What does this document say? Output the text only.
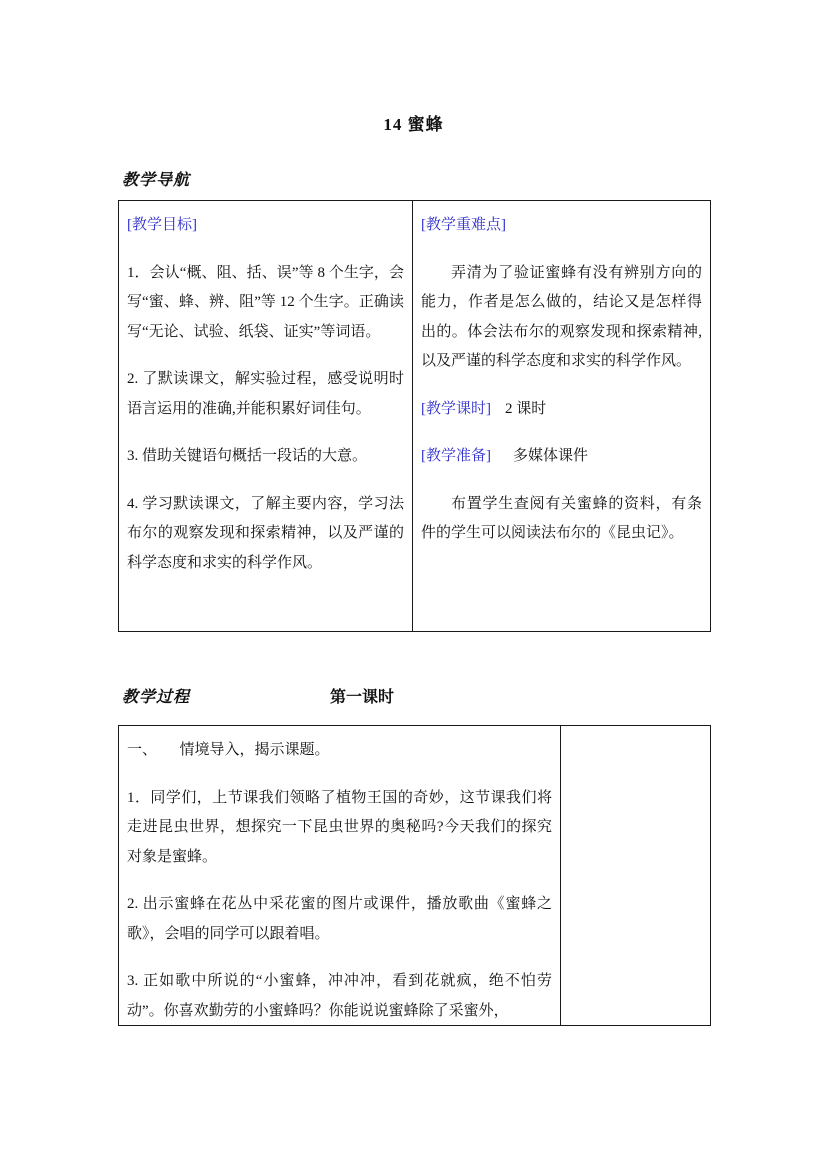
14 蜜蜂
教学导航

[教学目标]

1．会认“概、阻、括、误”等 8 个生字，会写“蜜、蜂、辨、阻”等 12 个生字。正确读写“无论、试验、纸袋、证实”等词语。

2. 了默读课文，解实验过程，感受说明时语言运用的准确,并能积累好词佳句。

3. 借助关键语句概括一段话的大意。

4. 学习默读课文，了解主要内容，学习法布尔的观察发现和探索精神，以及严谨的科学态度和求实的科学作风。

[教学重难点]

弄清为了验证蜜蜂有没有辨别方向的能力，作者是怎么做的，结论又是怎样得出的。体会法布尔的观察发现和探索精神,以及严谨的科学态度和求实的科学作风。

[教学课时] 2 课时

[教学准备] 多媒体课件

布置学生查阅有关蜜蜂的资料，有条件的学生可以阅读法布尔的《昆虫记》。

教学过程	第一课时

一、　　情境导入，揭示课题。

1．同学们，上节课我们领略了植物王国的奇妙，这节课我们将走进昆虫世界，想探究一下昆虫世界的奥秘吗?今天我们的探究对象是蜜蜂。

2. 出示蜜蜂在花丛中采花蜜的图片或课件，播放歌曲《蜜蜂之歌》，会唱的同学可以跟着唱。

3. 正如歌中所说的“小蜜蜂，冲冲冲，看到花就疯，绝不怕劳动”。你喜欢勤劳的小蜜蜂吗？你能说说蜜蜂除了采蜜外，
